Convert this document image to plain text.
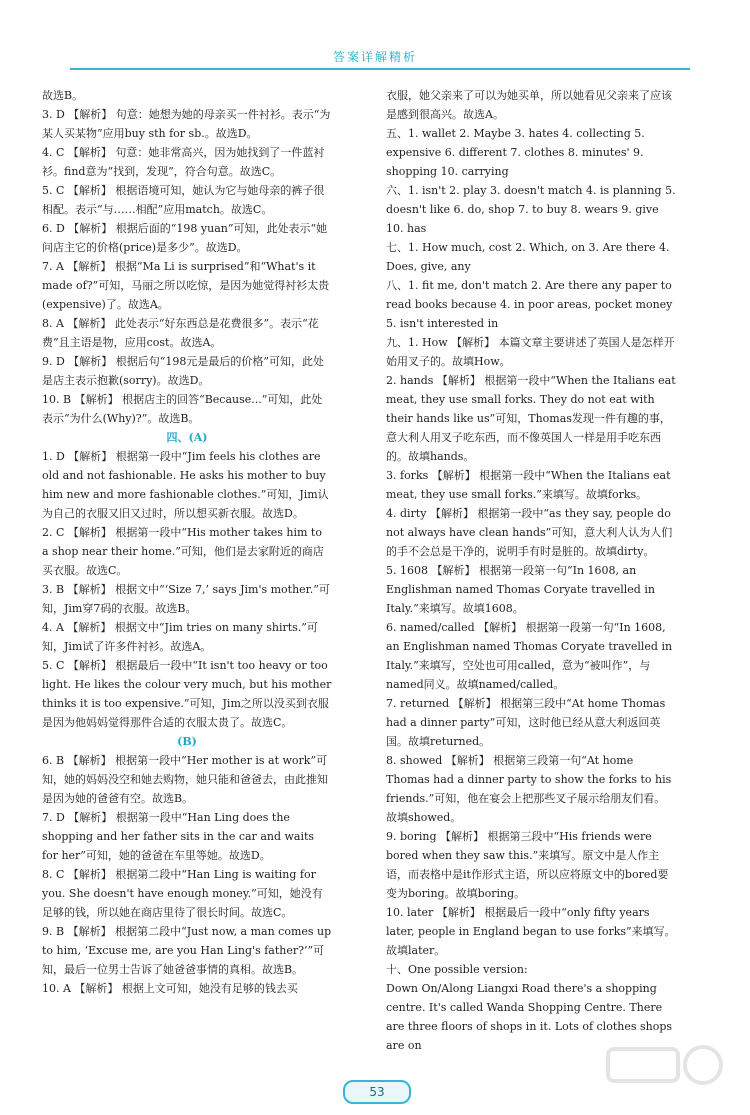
答案详解精析

故选B。

3. D 【解析】 句意：她想为她的母亲买一件衬衫。表示“为某人买某物”应用buy sth for sb.。故选D。

4. C 【解析】 句意：她非常高兴，因为她找到了一件蓝衬衫。find意为“找到，发现”，符合句意。故选C。

5. C 【解析】 根据语境可知，她认为它与她母亲的裤子很相配。表示“与……相配”应用match。故选C。

6. D 【解析】 根据后面的“198 yuan”可知，此处表示“她问店主它的价格(price)是多少”。故选D。

7. A 【解析】 根据“Ma Li is surprised”和“What's it made of?”可知，马丽之所以吃惊，是因为她觉得衬衫太贵(expensive)了。故选A。

8. A 【解析】 此处表示“好东西总是花费很多”。表示“花费”且主语是物，应用cost。故选A。

9. D 【解析】 根据后句“198元是最后的价格”可知，此处是店主表示抱歉(sorry)。故选D。

10. B 【解析】 根据店主的回答“Because...”可知，此处表示“为什么(Why)?”。故选B。

四、(A)

1. D 【解析】 根据第一段中“Jim feels his clothes are old and not fashionable. He asks his mother to buy him new and more fashionable clothes.”可知，Jim认为自己的衣服又旧又过时，所以想买新衣服。故选D。

2. C 【解析】 根据第一段中“His mother takes him to a shop near their home.”可知，他们是去家附近的商店买衣服。故选C。

3. B 【解析】 根据文中“‘Size 7,’ says Jim's mother.”可知，Jim穿7码的衣服。故选B。

4. A 【解析】 根据文中“Jim tries on many shirts.”可知，Jim试了许多件衬衫。故选A。

5. C 【解析】 根据最后一段中“It isn't too heavy or too light. He likes the colour very much, but his mother thinks it is too expensive.”可知，Jim之所以没买到衣服是因为他妈妈觉得那件合适的衣服太贵了。故选C。

(B)

6. B 【解析】 根据第一段中“Her mother is at work”可知，她的妈妈没空和她去购物，她只能和爸爸去，由此推知是因为她的爸爸有空。故选B。

7. D 【解析】 根据第一段中“Han Ling does the shopping and her father sits in the car and waits for her”可知，她的爸爸在车里等她。故选D。

8. C 【解析】 根据第二段中“Han Ling is waiting for you. She doesn't have enough money.”可知，她没有足够的钱，所以她在商店里待了很长时间。故选C。

9. B 【解析】 根据第二段中“Just now, a man comes up to him, ‘Excuse me, are you Han Ling's father?’”可知，最后一位男士告诉了她爸爸事情的真相。故选B。

10. A 【解析】 根据上文可知，她没有足够的钱去买

衣服，她父亲来了可以为她买单，所以她看见父亲来了应该是感到很高兴。故选A。

五、1. wallet 2. Maybe 3. hates 4. collecting 5. expensive 6. different 7. clothes 8. minutes' 9. shopping 10. carrying

六、1. isn't 2. play 3. doesn't match 4. is planning 5. doesn't like 6. do, shop 7. to buy 8. wears 9. give 10. has

七、1. How much, cost 2. Which, on 3. Are there 4. Does, give, any

八、1. fit me, don't match 2. Are there any paper to read books because 4. in poor areas, pocket money 5. isn't interested in

九、1. How 【解析】 本篇文章主要讲述了英国人是怎样开始用叉子的。故填How。

2. hands 【解析】 根据第一段中“When the Italians eat meat, they use small forks. They do not eat with their hands like us”可知，Thomas发现一件有趣的事，意大利人用叉子吃东西，而不像英国人一样是用手吃东西的。故填hands。

3. forks 【解析】 根据第一段中“When the Italians eat meat, they use small forks.”来填写。故填forks。

4. dirty 【解析】 根据第一段中“as they say, people do not always have clean hands”可知，意大利人认为人们的手不会总是干净的，说明手有时是脏的。故填dirty。

5. 1608 【解析】 根据第一段第一句“In 1608, an Englishman named Thomas Coryate travelled in Italy.”来填写。故填1608。

6. named/called 【解析】 根据第一段第一句“In 1608, an Englishman named Thomas Coryate travelled in Italy.”来填写，空处也可用called，意为“被叫作”，与named同义。故填named/called。

7. returned 【解析】 根据第三段中“At home Thomas had a dinner party”可知，这时他已经从意大利返回英国。故填returned。

8. showed 【解析】 根据第三段第一句“At home Thomas had a dinner party to show the forks to his friends.”可知，他在宴会上把那些叉子展示给朋友们看。故填showed。

9. boring 【解析】 根据第三段中“His friends were bored when they saw this.”来填写。原文中是人作主语，而表格中是it作形式主语，所以应将原文中的bored要变为boring。故填boring。

10. later 【解析】 根据最后一段中“only fifty years later, people in England began to use forks”来填写。故填later。

十、One possible version:

Down On/Along Liangxi Road there's a shopping centre. It's called Wanda Shopping Centre. There are three floors of shops in it. Lots of clothes shops are on

53
